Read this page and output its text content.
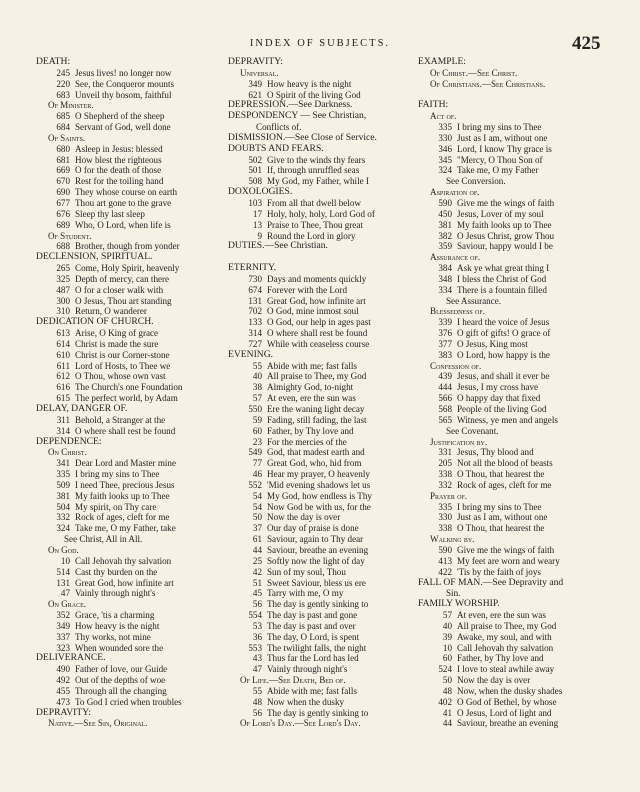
INDEX OF SUBJECTS.	425
DEATH:
245 Jesus lives! no longer now
220 See, the Conqueror mounts
683 Unveil thy bosom, faithful
Of Minister.
685 O Shepherd of the sheep
684 Servant of God, well done
Of Saints.
680 Asleep in Jesus: blessed
681 How blest the righteous
669 O for the death of those
670 Rest for the toiling hand
690 They whose course on earth
677 Thou art gone to the grave
676 Sleep thy last sleep
689 Who, O Lord, when life is
Of Student.
688 Brother, though from yonder
DECLENSION, SPIRITUAL.
265 Come, Holy Spirit, heavenly
325 Depth of mercy, can there
487 O for a closer walk with
300 O Jesus, Thou art standing
310 Return, O wanderer
DEDICATION OF CHURCH.
613 Arise, O King of grace
614 Christ is made the sure
610 Christ is our Corner-stone
611 Lord of Hosts, to Thee we
612 O Thou, whose own vast
616 The Church's one Foundation
615 The perfect world, by Adam
DELAY, DANGER OF.
311 Behold, a Stranger at the
314 O where shall rest be found
DEPENDENCE:
On Christ.
341 Dear Lord and Master mine
335 I bring my sins to Thee
509 I need Thee, precious Jesus
381 My faith looks up to Thee
504 My spirit, on Thy care
332 Rock of ages, cleft for me
324 Take me, O my Father, take
See Christ, All in All.
On God.
10 Call Jehovah thy salvation
514 Cast thy burden on the
131 Great God, how infinite art
47 Vainly through night's
On Grace.
352 Grace, 'tis a charming
349 How heavy is the night
337 Thy works, not mine
323 When wounded sore the
DELIVERANCE.
490 Father of love, our Guide
492 Out of the depths of woe
455 Through all the changing
473 To God I cried when troubles
DEPRAVITY:
Native.—See Sin, Original.
DEPRAVITY:
Universal.
349 How heavy is the night
621 O Spirit of the living God
DEPRESSION.—See Darkness.
DESPONDENCY — See Christian,
Conflicts of.
DISMISSION.—See Close of Service.
DOUBTS AND FEARS.
502 Give to the winds thy fears
501 If, through unruffled seas
508 My God, my Father, while I
DOXOLOGIES.
103 From all that dwell below
17 Holy, holy, holy, Lord God of
13 Praise to Thee, Thou great
9 Round the Lord in glory
DUTIES.—See Christian.
ETERNITY.
730 Days and moments quickly
674 Forever with the Lord
131 Great God, how infinite art
702 O God, mine inmost soul
133 O God, our help in ages past
314 O where shall rest be found
727 While with ceaseless course
EVENING.
55 Abide with me; fast falls
40 All praise to Thee, my God
38 Almighty God, to-night
57 At even, ere the sun was
550 Ere the waning light decay
59 Fading, still fading, the last
60 Father, by Thy love and
23 For the mercies of the
549 God, that madest earth and
77 Great God, who, hid from
46 Hear my prayer, O heavenly
552 'Mid evening shadows let us
54 My God, how endless is Thy
54 Now God be with us, for the
50 Now the day is over
37 Our day of praise is done
61 Saviour, again to Thy dear
44 Saviour, breathe an evening
25 Softly now the light of day
42 Sun of my soul, Thou
51 Sweet Saviour, bless us ere
45 Tarry with me, O my
56 The day is gently sinking to
554 The day is past and gone
53 The day is past and over
36 The day, O Lord, is spent
553 The twilight falls, the night
43 Thus far the Lord has led
47 Vainly through night's
Of Life.—See Death, Bed of.
55 Abide with me; fast falls
48 Now when the dusky
56 The day is gently sinking to
Of Lord's Day.—See Lord's Day.
EXAMPLE:
Of Christ.—See Christ.
Of Christians.—See Christians.
FAITH:
Act of.
335 I bring my sins to Thee
330 Just as I am, without one
346 Lord, I know Thy grace is
345 "Mercy, O Thou Son of
324 Take me, O my Father
See Conversion.
Aspiration of.
590 Give me the wings of faith
450 Jesus, Lover of my soul
381 My faith looks up to Thee
382 O Jesus Christ, grow Thou
359 Saviour, happy would I be
Assurance of.
384 Ask ye what great thing I
348 I bless the Christ of God
334 There is a fountain filled
See Assurance.
Blessedness of.
339 I heard the voice of Jesus
376 O gift of gifts! O grace of
377 O Jesus, King most
383 O Lord, how happy is the
Confession of.
439 Jesus, and shall it ever be
444 Jesus, I my cross have
566 O happy day that fixed
568 People of the living God
565 Witness, ye men and angels
See Covenant.
Justification by.
331 Jesus, Thy blood and
205 Not all the blood of beasts
338 O Thou, that hearest the
332 Rock of ages, cleft for me
Prayer of.
335 I bring my sins to Thee
330 Just as I am, without one
338 O Thou, that hearest the
Walking by.
590 Give me the wings of faith
413 My feet are worn and weary
422 'Tis by the faith of joys
FALL OF MAN.—See Depravity and
Sin.
FAMILY WORSHIP.
57 At even, ere the sun was
40 All praise to Thee, my God
39 Awake, my soul, and with
10 Call Jehovah thy salvation
60 Father, by Thy love and
524 I love to steal awhile away
50 Now the day is over
48 Now, when the dusky shades
402 O God of Bethel, by whose
41 O Jesus, Lord of light and
44 Saviour, breathe an evening
